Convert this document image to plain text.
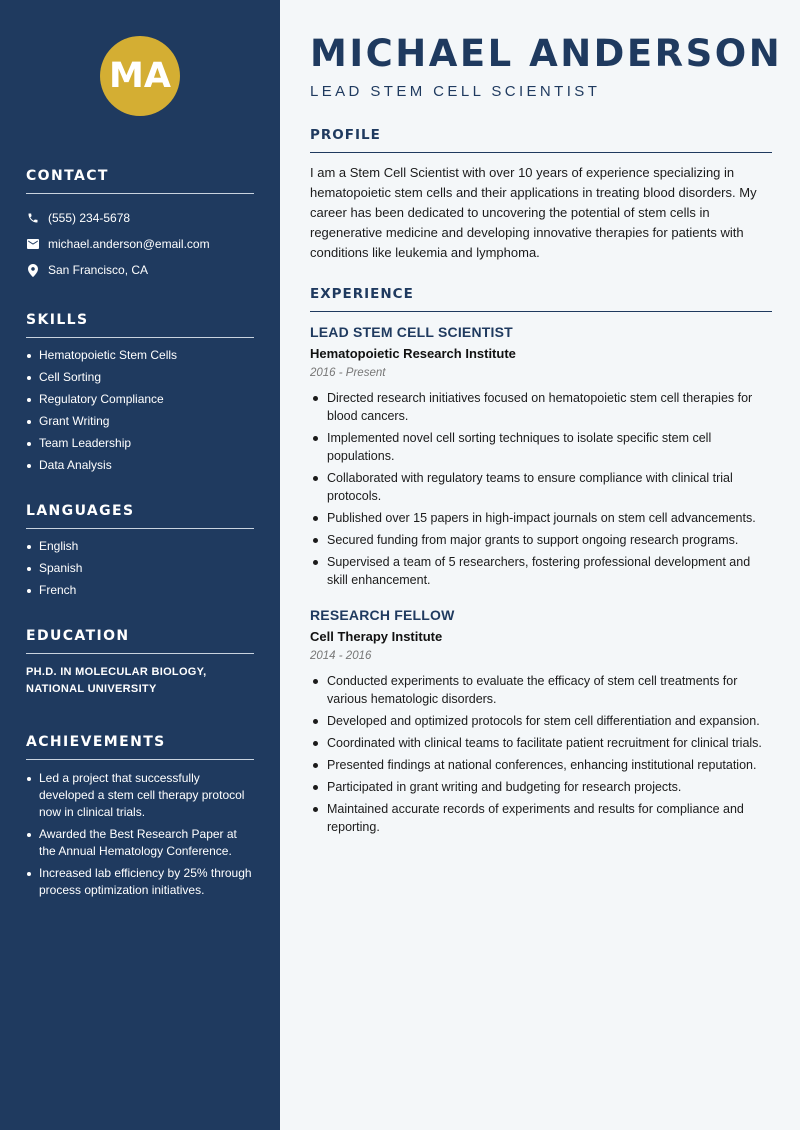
MA
CONTACT
(555) 234-5678
michael.anderson@email.com
San Francisco, CA
SKILLS
Hematopoietic Stem Cells
Cell Sorting
Regulatory Compliance
Grant Writing
Team Leadership
Data Analysis
LANGUAGES
English
Spanish
French
EDUCATION
PH.D. IN MOLECULAR BIOLOGY,
NATIONAL UNIVERSITY
ACHIEVEMENTS
Led a project that successfully developed a stem cell therapy protocol now in clinical trials.
Awarded the Best Research Paper at the Annual Hematology Conference.
Increased lab efficiency by 25% through process optimization initiatives.
MICHAEL ANDERSON
LEAD STEM CELL SCIENTIST
PROFILE

I am a Stem Cell Scientist with over 10 years of experience specializing in hematopoietic stem cells and their applications in treating blood disorders. My career has been dedicated to uncovering the potential of stem cells in regenerative medicine and developing innovative therapies for patients with conditions like leukemia and lymphoma.

EXPERIENCE
LEAD STEM CELL SCIENTIST
Hematopoietic Research Institute
2016 - Present
Directed research initiatives focused on hematopoietic stem cell therapies for blood cancers.
Implemented novel cell sorting techniques to isolate specific stem cell populations.
Collaborated with regulatory teams to ensure compliance with clinical trial protocols.
Published over 15 papers in high-impact journals on stem cell advancements.
Secured funding from major grants to support ongoing research programs.
Supervised a team of 5 researchers, fostering professional development and skill enhancement.
RESEARCH FELLOW
Cell Therapy Institute
2014 - 2016
Conducted experiments to evaluate the efficacy of stem cell treatments for various hematologic disorders.
Developed and optimized protocols for stem cell differentiation and expansion.
Coordinated with clinical teams to facilitate patient recruitment for clinical trials.
Presented findings at national conferences, enhancing institutional reputation.
Participated in grant writing and budgeting for research projects.
Maintained accurate records of experiments and results for compliance and reporting.
